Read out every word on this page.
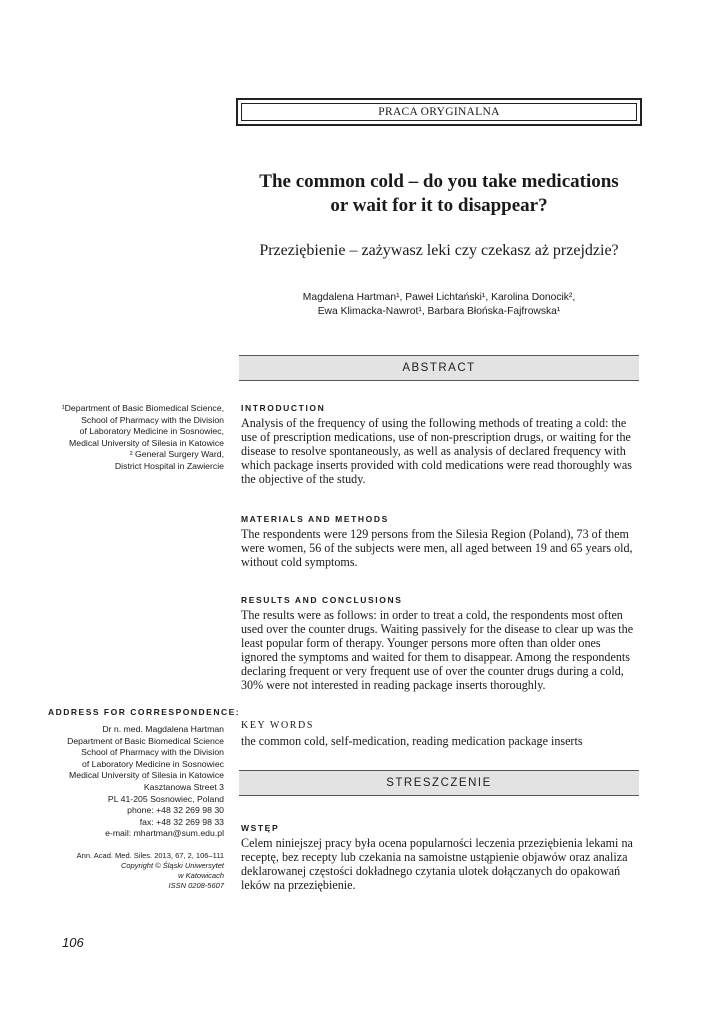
PRACA ORYGINALNA
The common cold – do you take medications
or wait for it to disappear?
Przeziębienie – zażywasz leki czy czekasz aż przejdzie?
Magdalena Hartman¹, Paweł Lichtański¹, Karolina Donocik²,
Ewa Klimacka-Nawrot¹, Barbara Błońska-Fajfrowska¹
ABSTRACT
¹Department of Basic Biomedical Science,
School of Pharmacy with the Division
of Laboratory Medicine in Sosnowiec,
Medical University of Silesia in Katowice
² General Surgery Ward,
District Hospital in Zawiercie
INTRODUCTION
Analysis of the frequency of using the following methods of treating a cold: the
use of prescription medications, use of non-prescription drugs, or waiting for the
disease to resolve spontaneously, as well as analysis of declared frequency with
which package inserts provided with cold medications were read thoroughly was
the objective of the study.
MATERIALS AND METHODS
The respondents were 129 persons from the Silesia Region (Poland), 73 of them
were women, 56 of the subjects were men, all aged between 19 and 65 years old,
without cold symptoms.
RESULTS AND CONCLUSIONS
The results were as follows: in order to treat a cold, the respondents most often
used over the counter drugs. Waiting passively for the disease to clear up was the
least popular form of therapy. Younger persons more often than older ones
ignored the symptoms and waited for them to disappear. Among the respondents
declaring frequent or very frequent use of over the counter drugs during a cold,
30% were not interested in reading package inserts thoroughly.
ADDRESS FOR CORRESPONDENCE:
Dr n. med. Magdalena Hartman
Department of Basic Biomedical Science
School of Pharmacy with the Division
of Laboratory Medicine in Sosnowiec
Medical University of Silesia in Katowice
Kasztanowa Street 3
PL 41-205 Sosnowiec, Poland
phone: +48 32 269 98 30
fax: +48 32 269 98 33
e-mail: mhartman@sum.edu.pl
Ann. Acad. Med. Siles. 2013, 67, 2, 106–111
Copyright © Śląski Uniwersytet
w Katowicach
ISSN 0208-5607
KEY WORDS
the common cold, self-medication, reading medication package inserts
STRESZCZENIE
WSTĘP
Celem niniejszej pracy była ocena popularności leczenia przeziębienia lekami na
receptę, bez recepty lub czekania na samoistne ustąpienie objawów oraz analiza
deklarowanej częstości dokładnego czytania ulotek dołączanych do opakowań
leków na przeziębienie.
106
